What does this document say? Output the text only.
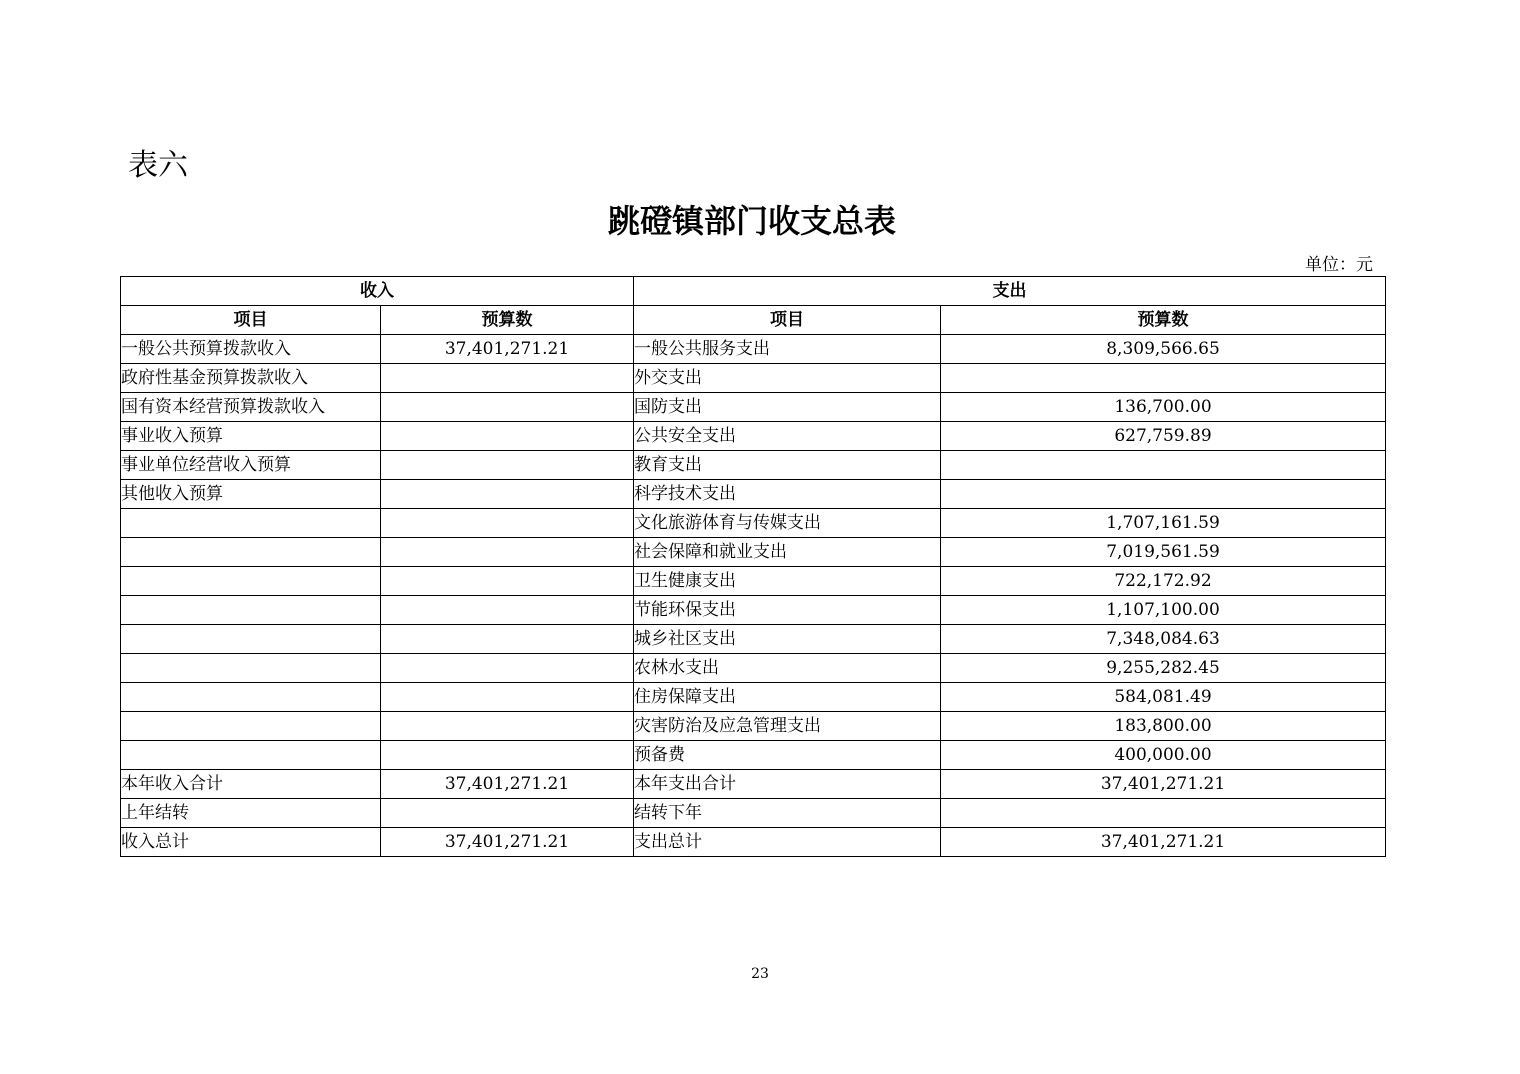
表六
跳磴镇部门收支总表
单位：元
收入		支出	
项目	预算数	项目	预算数
一般公共预算拨款收入	37,401,271.21	一般公共服务支出	8,309,566.65
政府性基金预算拨款收入		外交支出	
国有资本经营预算拨款收入		国防支出	136,700.00
事业收入预算		公共安全支出	627,759.89
事业单位经营收入预算		教育支出	
其他收入预算		科学技术支出	
		文化旅游体育与传媒支出	1,707,161.59
		社会保障和就业支出	7,019,561.59
		卫生健康支出	722,172.92
		节能环保支出	1,107,100.00
		城乡社区支出	7,348,084.63
		农林水支出	9,255,282.45
		住房保障支出	584,081.49
		灾害防治及应急管理支出	183,800.00
		预备费	400,000.00
本年收入合计	37,401,271.21	本年支出合计	37,401,271.21
上年结转		结转下年	
收入总计	37,401,271.21	支出总计	37,401,271.21
23
